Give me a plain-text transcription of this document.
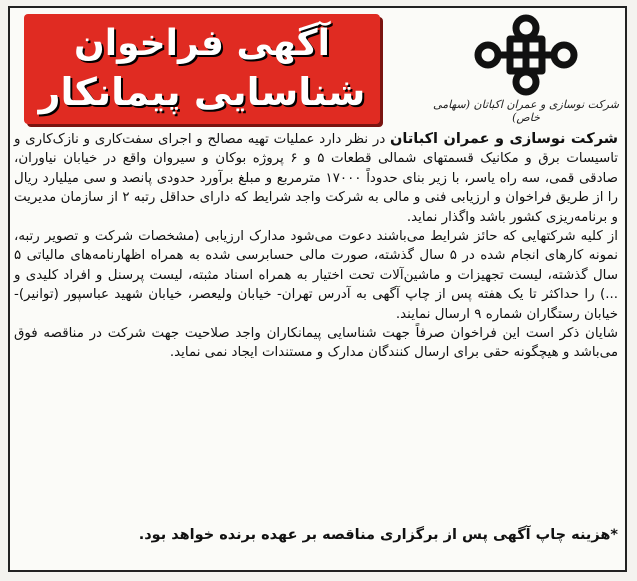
آگهی فراخوان
شناسایی پیمانکار	شرکت نوسازی و عمران اکباتان (سهامی خاص)

شرکت نوسازی و عمران اکباتان در نظر دارد عملیات تهیه مصالح و اجرای سفت‌کاری و نازک‌کاری و تاسیسات برق و مکانیک قسمتهای شمالی قطعات ۵ و ۶ پروژه بوکان و سیروان واقع در خیابان نیاوران، صادقی قمی، سه راه یاسر، با زیر بنای حدوداً ۱۷۰۰۰ مترمربع و مبلغ برآورد حدودی پانصد و سی میلیارد ریال را از طریق فراخوان و ارزیابی فنی و مالی به شرکت واجد شرایط که دارای حداقل رتبه ۲ از سازمان مدیریت و برنامه‌ریزی کشور باشد واگذار نماید.

از کلیه شرکتهایی که حائز شرایط می‌باشند دعوت می‌شود مدارک ارزیابی (مشخصات شرکت و تصویر رتبه، نمونه کارهای انجام شده در ۵ سال گذشته، صورت مالی حسابرسی شده به همراه اظهارنامه‌های مالیاتی ۵ سال گذشته، لیست تجهیزات و ماشین‌آلات تحت اختیار به همراه اسناد مثبته، لیست پرسنل و افراد کلیدی و ...) را حداکثر تا یک هفته پس از چاپ آگهی به آدرس تهران- خیابان ولیعصر، خیابان شهید عباسپور (توانیر)- خیابان رستگاران شماره ۹ ارسال نمایند.

شایان ذکر است این فراخوان صرفاً جهت شناسایی پیمانکاران واجد صلاحیت جهت شرکت در مناقصه فوق می‌باشد و هیچگونه حقی برای ارسال کنندگان مدارک و مستندات ایجاد نمی نماید.

*هزینه چاپ آگهی پس از برگزاری مناقصه بر عهده برنده خواهد بود.
